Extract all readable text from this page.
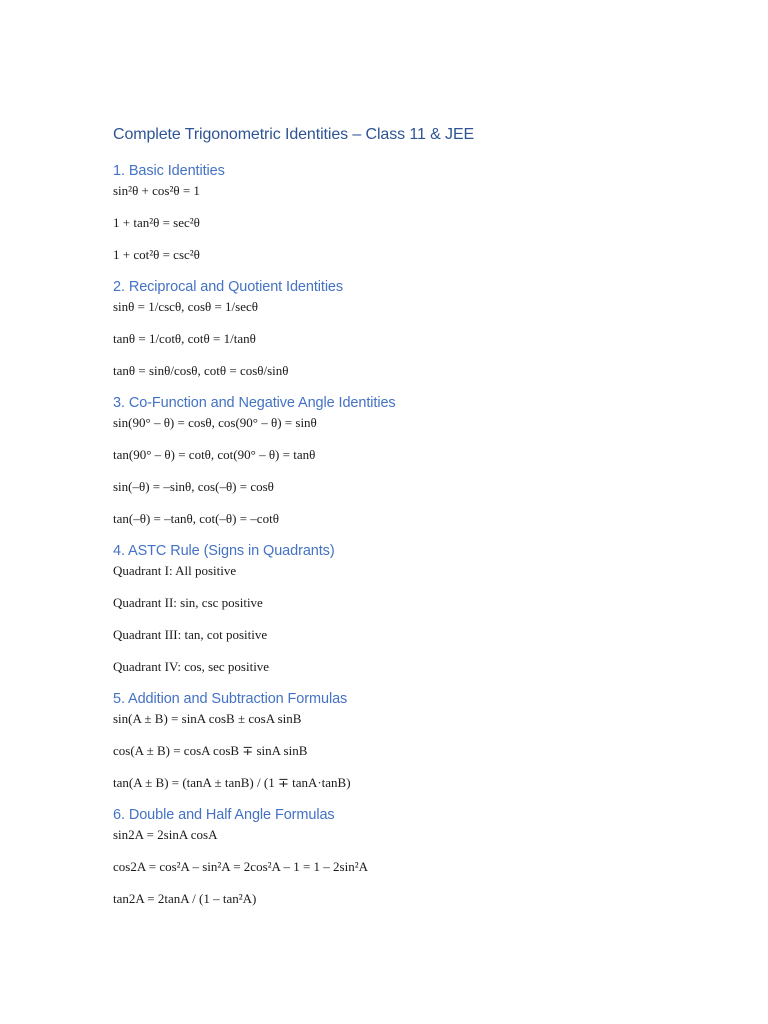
Complete Trigonometric Identities – Class 11 & JEE
1. Basic Identities
sin²θ + cos²θ = 1
1 + tan²θ = sec²θ
1 + cot²θ = csc²θ
2. Reciprocal and Quotient Identities
sinθ = 1/cscθ, cosθ = 1/secθ
tanθ = 1/cotθ, cotθ = 1/tanθ
tanθ = sinθ/cosθ, cotθ = cosθ/sinθ
3. Co-Function and Negative Angle Identities
sin(90° – θ) = cosθ, cos(90° – θ) = sinθ
tan(90° – θ) = cotθ, cot(90° – θ) = tanθ
sin(–θ) = –sinθ, cos(–θ) = cosθ
tan(–θ) = –tanθ, cot(–θ) = –cotθ
4. ASTC Rule (Signs in Quadrants)
Quadrant I: All positive
Quadrant II: sin, csc positive
Quadrant III: tan, cot positive
Quadrant IV: cos, sec positive
5. Addition and Subtraction Formulas
sin(A ± B) = sinA cosB ± cosA sinB
cos(A ± B) = cosA cosB ∓ sinA sinB
tan(A ± B) = (tanA ± tanB) / (1 ∓ tanA·tanB)
6. Double and Half Angle Formulas
sin2A = 2sinA cosA
cos2A = cos²A – sin²A = 2cos²A – 1 = 1 – 2sin²A
tan2A = 2tanA / (1 – tan²A)
